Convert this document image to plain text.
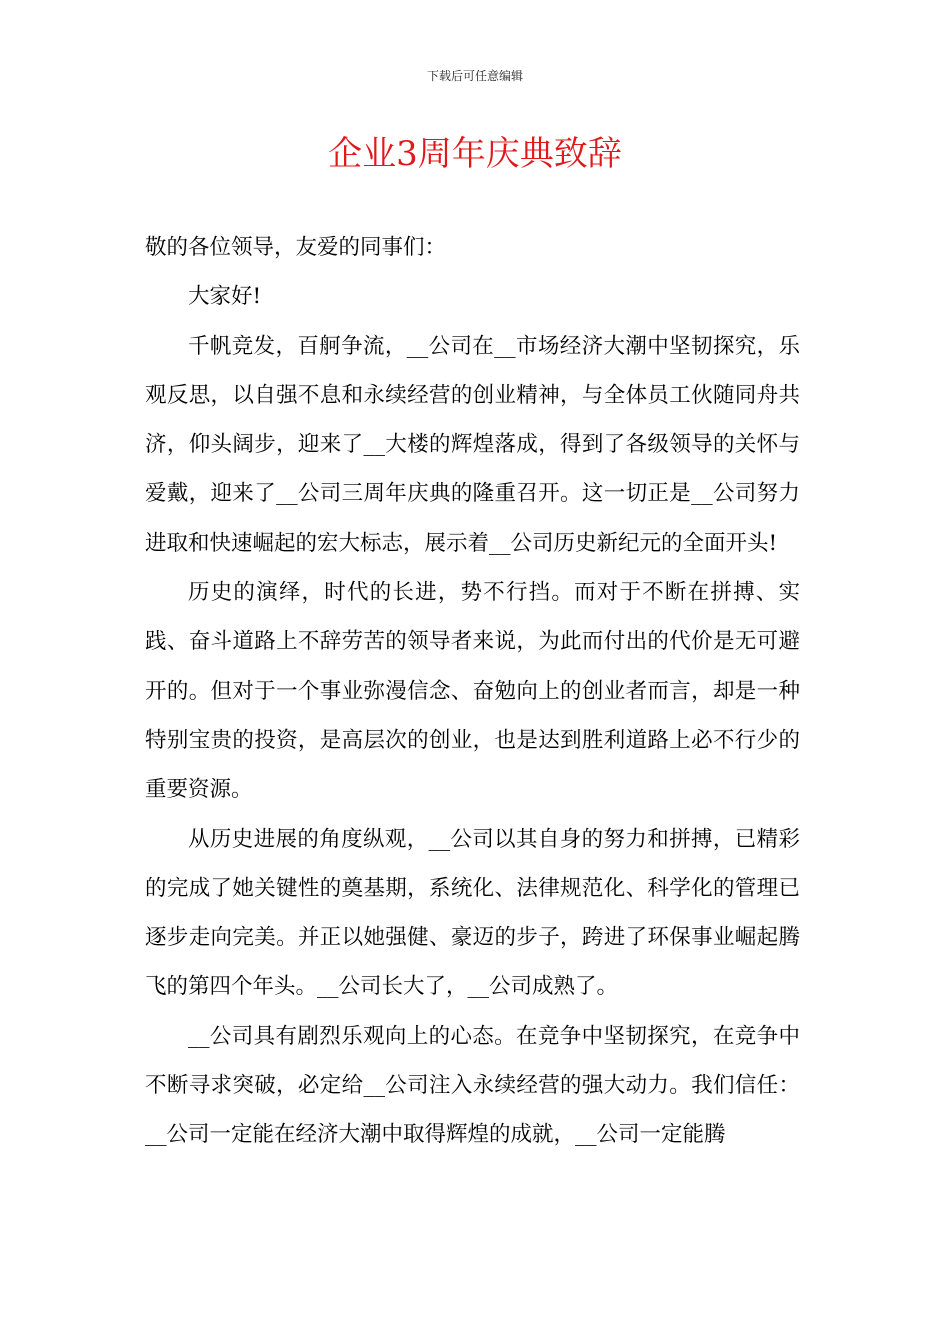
下载后可任意编辑
企业3周年庆典致辞

敬的各位领导，友爱的同事们：

大家好!

千帆竞发，百舸争流，__公司在__市场经济大潮中坚韧探究，乐观反思，以自强不息和永续经营的创业精神，与全体员工伙随同舟共济，仰头阔步，迎来了__大楼的辉煌落成，得到了各级领导的关怀与爱戴，迎来了__公司三周年庆典的隆重召开。这一切正是__公司努力进取和快速崛起的宏大标志，展示着__公司历史新纪元的全面开头!

历史的演绎，时代的长进，势不行挡。而对于不断在拼搏、实践、奋斗道路上不辞劳苦的领导者来说，为此而付出的代价是无可避开的。但对于一个事业弥漫信念、奋勉向上的创业者而言，却是一种特别宝贵的投资，是高层次的创业，也是达到胜利道路上必不行少的重要资源。

从历史进展的角度纵观，__公司以其自身的努力和拼搏，已精彩的完成了她关键性的奠基期，系统化、法律规范化、科学化的管理已逐步走向完美。并正以她强健、豪迈的步子，跨进了环保事业崛起腾飞的第四个年头。__公司长大了，__公司成熟了。

__公司具有剧烈乐观向上的心态。在竞争中坚韧探究，在竞争中不断寻求突破，必定给__公司注入永续经营的强大动力。我们信任：__公司一定能在经济大潮中取得辉煌的成就，__公司一定能腾
